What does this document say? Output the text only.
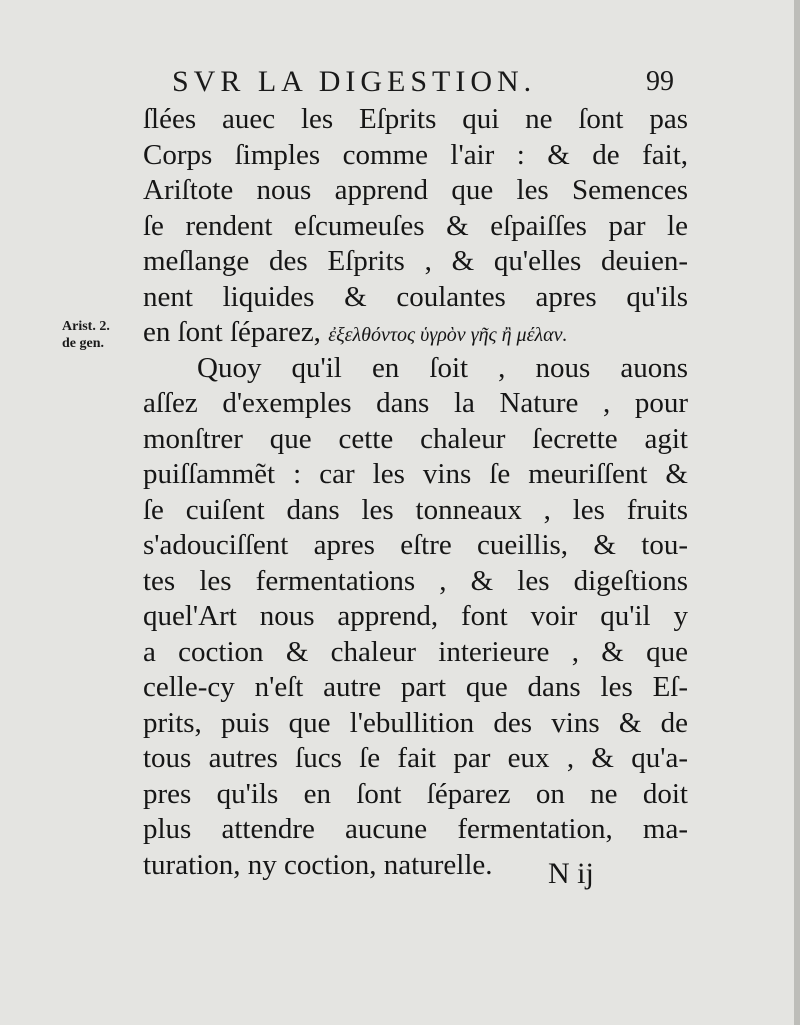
SVR LA DIGESTION.	99
Arist. 2.
de gen.
ſlées auec les Eſprits qui ne ſont pas
Corps ſimples comme l'air : & de fait,
Ariſtote nous apprend que les Semences
ſe rendent eſcumeuſes & eſpaiſſes par le
meſlange des Eſprits , & qu'elles deuien-
nent liquides & coulantes apres qu'ils
en ſont ſéparez, ἐξελθόντος ὑγρὸν γῆς ἢ μέλαν.
Quoy qu'il en ſoit , nous auons
aſſez d'exemples dans la Nature , pour
monſtrer que cette chaleur ſecrette agit
puiſſammẽt : car les vins ſe meuriſſent &
ſe cuiſent dans les tonneaux , les fruits
s'adouciſſent apres eſtre cueillis, & tou-
tes les fermentations , & les digeſtions
quel'Art nous apprend, font voir qu'il y
a coction & chaleur interieure , & que
celle-cy n'eſt autre part que dans les Eſ-
prits, puis que l'ebullition des vins & de
tous autres ſucs ſe fait par eux , & qu'a-
pres qu'ils en ſont ſéparez on ne doit
plus attendre aucune fermentation, ma-
turation, ny coction, naturelle.	N ij
